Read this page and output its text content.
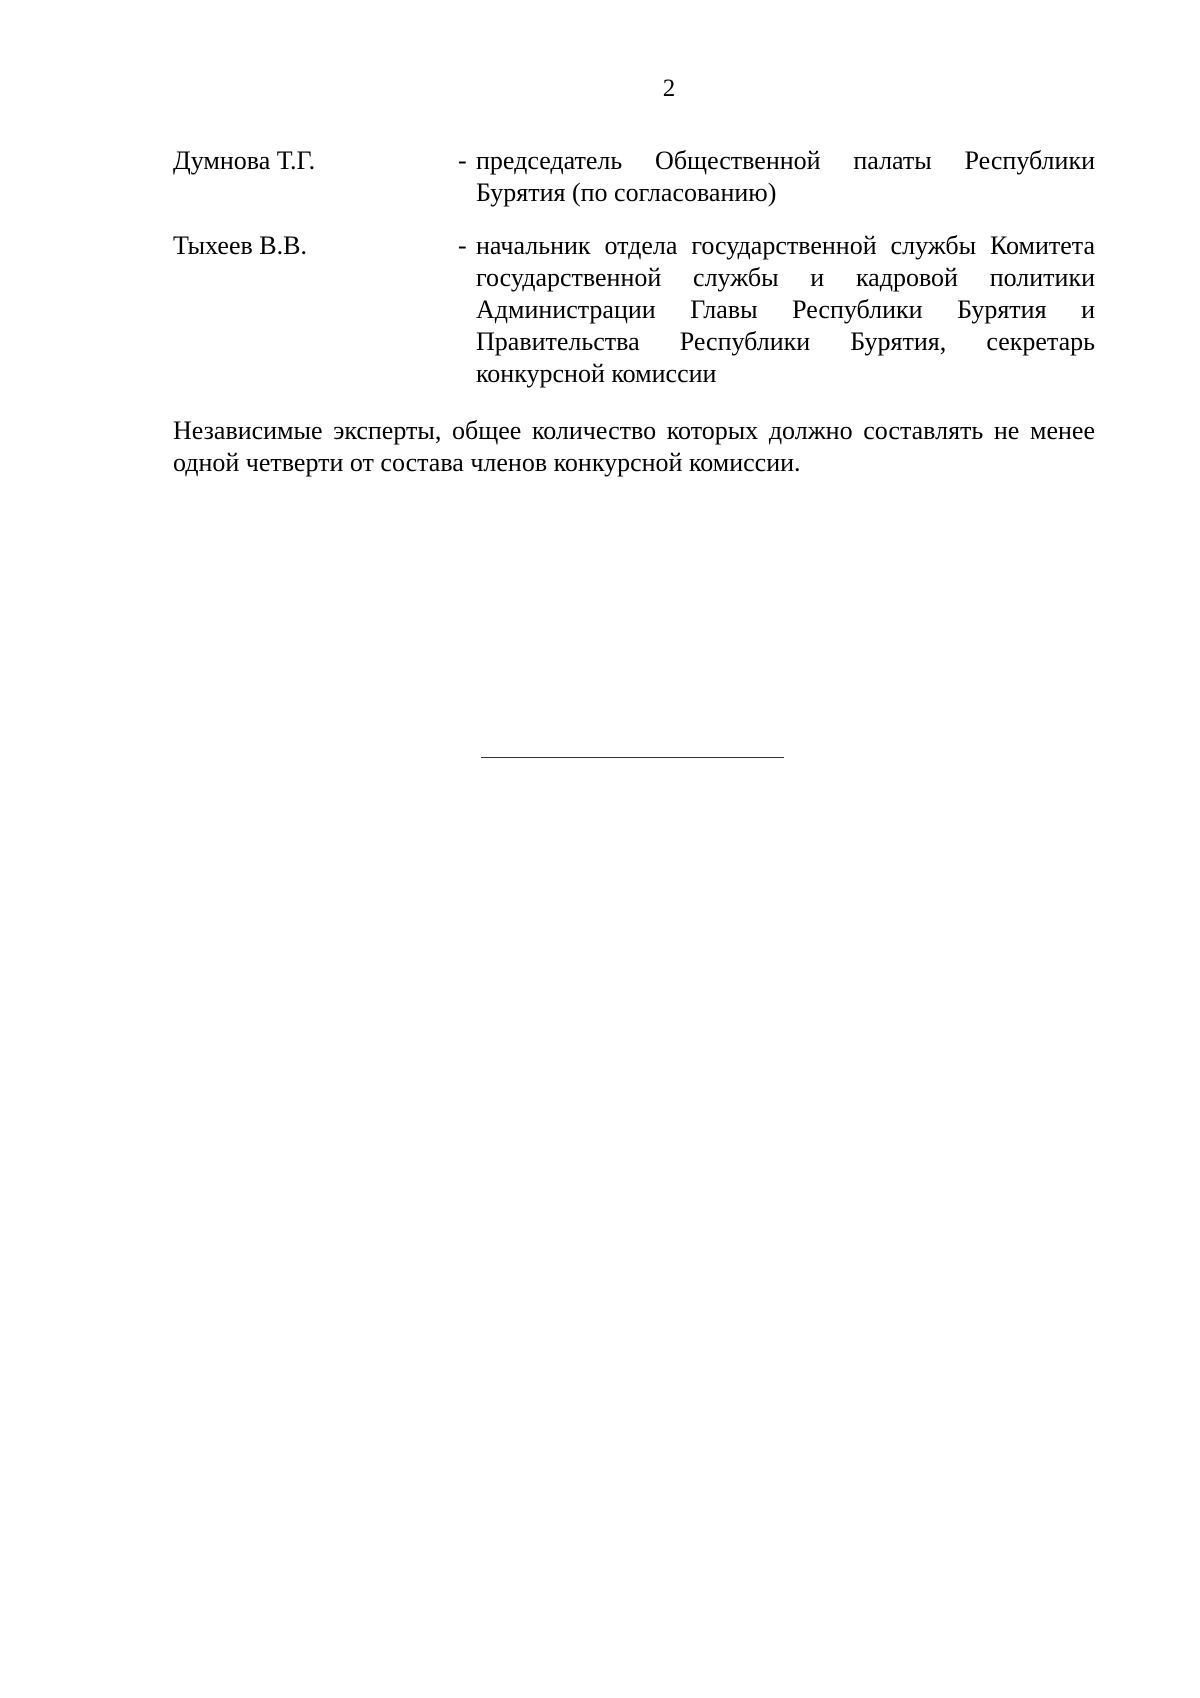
2
Думнова Т.Г.	- председатель Общественной палаты Республики Бурятия (по согласованию)
Тыхеев В.В.	- начальник отдела государственной службы Комитета государственной службы и кадровой политики Администрации Главы Республики Бурятия и Правительства Республики Бурятия, секретарь конкурсной комиссии
Независимые эксперты, общее количество которых должно составлять не менее одной четверти от состава членов конкурсной комиссии.
